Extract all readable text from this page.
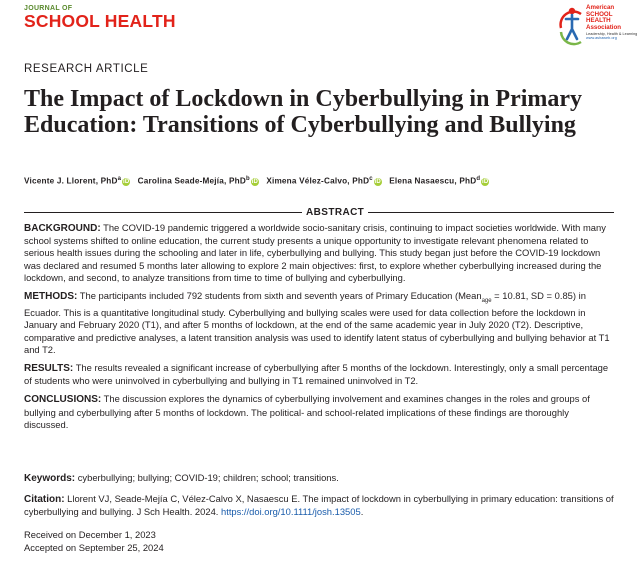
JOURNAL OF
SCHOOL HEALTH
American
SCHOOL
HEALTH
Association
Leadership, Health & Learning
www.ashaweb.org
RESEARCH ARTICLE
The Impact of Lockdown in Cyberbullying in Primary Education: Transitions of Cyberbullying and Bullying
Vicente J. Llorent, PhD$^a$ iD Carolina Seade-Mejía, PhD$^b$ iD Ximena Vélez-Calvo, PhD$^c$ iD Elena Nasaescu, PhD$^d$ iD
ABSTRACT

BACKGROUND: The COVID-19 pandemic triggered a worldwide socio-sanitary crisis, continuing to impact societies worldwide. With many school systems shifted to online education, the current study presents a unique opportunity to investigate relevant phenomena related to serious health issues during the schooling and later in life, cyberbullying and bullying. This study began just before the COVID-19 lockdown was declared and resumed 5 months later allowing to explore 2 main objectives: first, to explore whether cyberbullying increased during the lockdown, and second, to analyze transitions from time to time of bullying and cyberbullying.

METHODS: The participants included 792 students from sixth and seventh years of Primary Education (Mean$_{age}$ = 10.81, SD = 0.85) in Ecuador. This is a quantitative longitudinal study. Cyberbullying and bullying scales were used for data collection before the lockdown in January and February 2020 (T1), and after 5 months of lockdown, at the end of the same academic year in July 2020 (T2). Descriptive, comparative and predictive analyses, a latent transition analysis was used to identify latent status of cyberbullying and bullying behavior at T1 and T2.

RESULTS: The results revealed a significant increase of cyberbullying after 5 months of the lockdown. Interestingly, only a small percentage of students who were uninvolved in cyberbullying and bullying in T1 remained uninvolved in T2.

CONCLUSIONS: The discussion explores the dynamics of cyberbullying involvement and examines changes in the roles and groups of bullying and cyberbullying after 5 months of lockdown. The political- and school-related implications of these findings are thoroughly discussed.

Keywords: cyberbullying; bullying; COVID-19; children; school; transitions.
Citation: Llorent VJ, Seade-Mejía C, Vélez-Calvo X, Nasaescu E. The impact of lockdown in cyberbullying in primary education: transitions of cyberbullying and bullying. J Sch Health. 2024. https://doi.org/10.1111/josh.13505.
Received on December 1, 2023
Accepted on September 25, 2024
